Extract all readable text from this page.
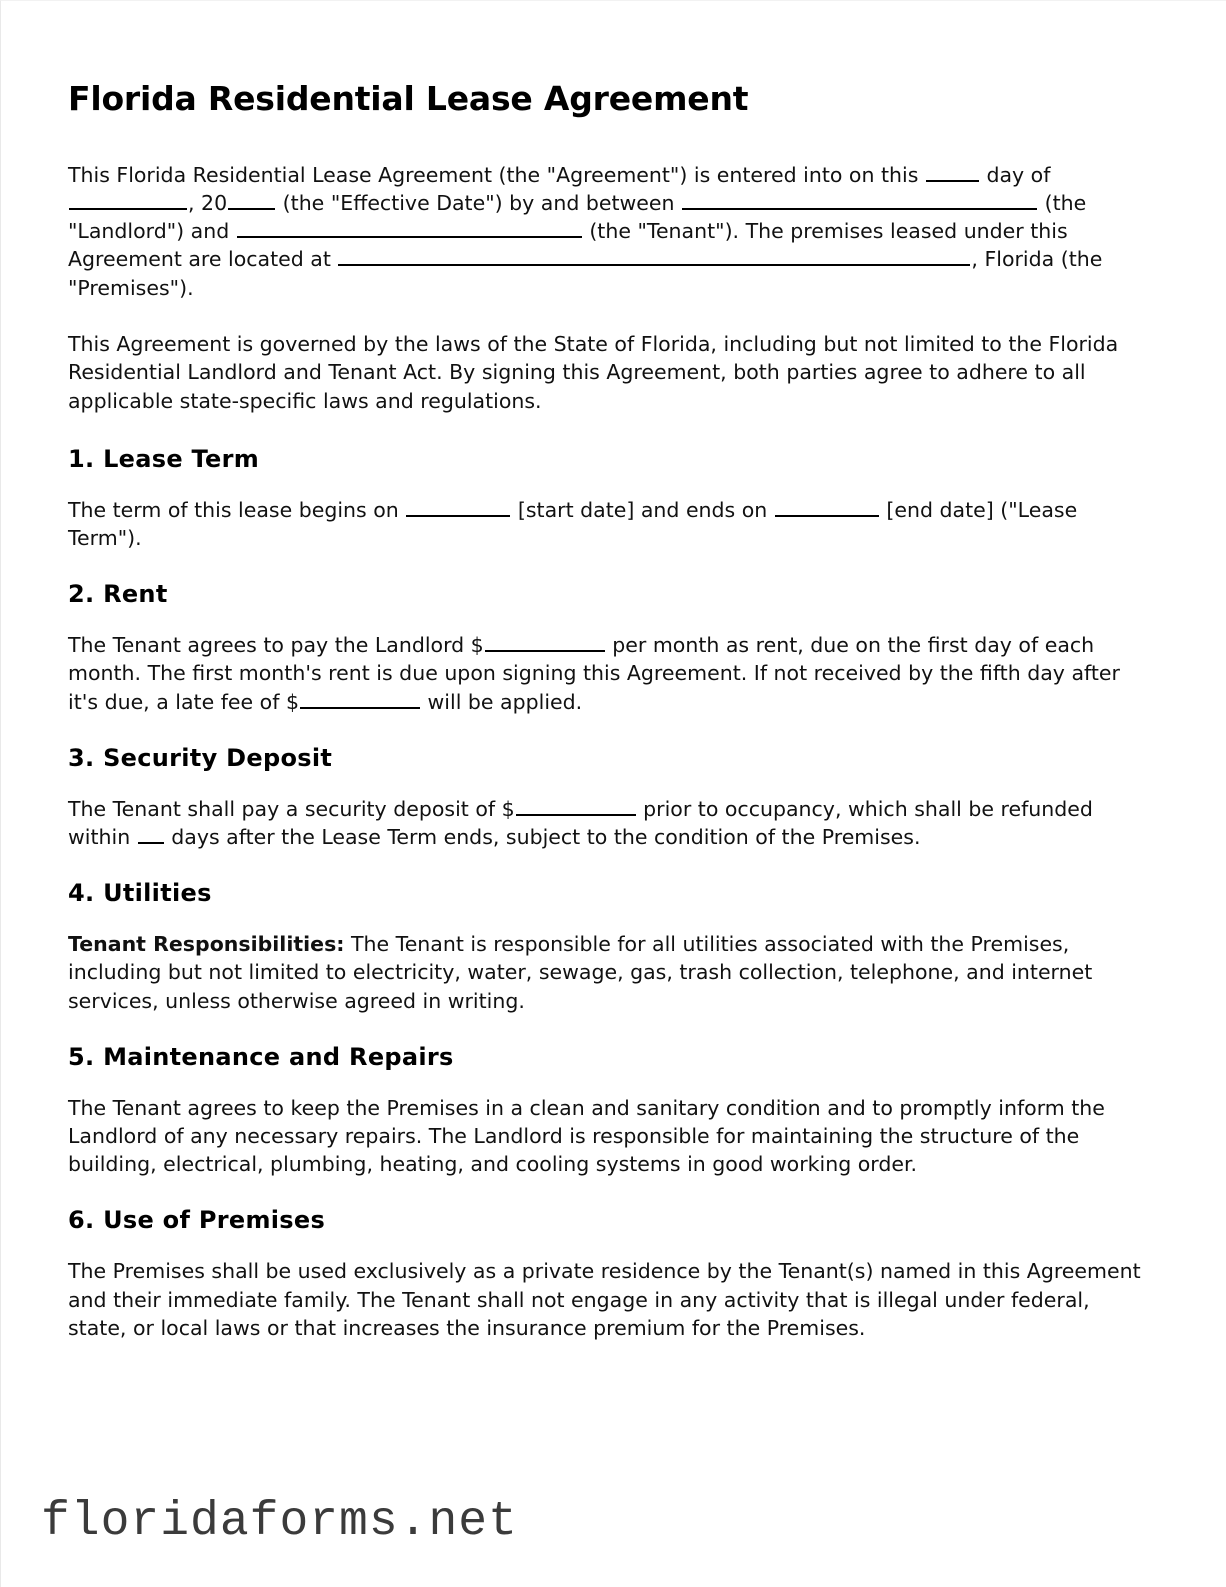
Florida Residential Lease Agreement

This Florida Residential Lease Agreement (the "Agreement") is entered into on this	day of , 20	(the "Effective Date") by and between	(the "Landlord") and	(the "Tenant"). The premises leased under this Agreement are located at	, Florida (the "Premises").

This Agreement is governed by the laws of the State of Florida, including but not limited to the Florida Residential Landlord and Tenant Act. By signing this Agreement, both parties agree to adhere to all applicable state-specific laws and regulations.

1. Lease Term

The term of this lease begins on	[start date] and ends on	[end date] ("Lease Term").

2. Rent

The Tenant agrees to pay the Landlord $	per month as rent, due on the first day of each month. The first month's rent is due upon signing this Agreement. If not received by the fifth day after it's due, a late fee of $	will be applied.

3. Security Deposit

The Tenant shall pay a security deposit of $	prior to occupancy, which shall be refunded within days after the Lease Term ends, subject to the condition of the Premises.

4. Utilities

Tenant Responsibilities: The Tenant is responsible for all utilities associated with the Premises, including but not limited to electricity, water, sewage, gas, trash collection, telephone, and internet services, unless otherwise agreed in writing.

5. Maintenance and Repairs

The Tenant agrees to keep the Premises in a clean and sanitary condition and to promptly inform the Landlord of any necessary repairs. The Landlord is responsible for maintaining the structure of the building, electrical, plumbing, heating, and cooling systems in good working order.

6. Use of Premises

The Premises shall be used exclusively as a private residence by the Tenant(s) named in this Agreement and their immediate family. The Tenant shall not engage in any activity that is illegal under federal, state, or local laws or that increases the insurance premium for the Premises.

floridaforms.net
